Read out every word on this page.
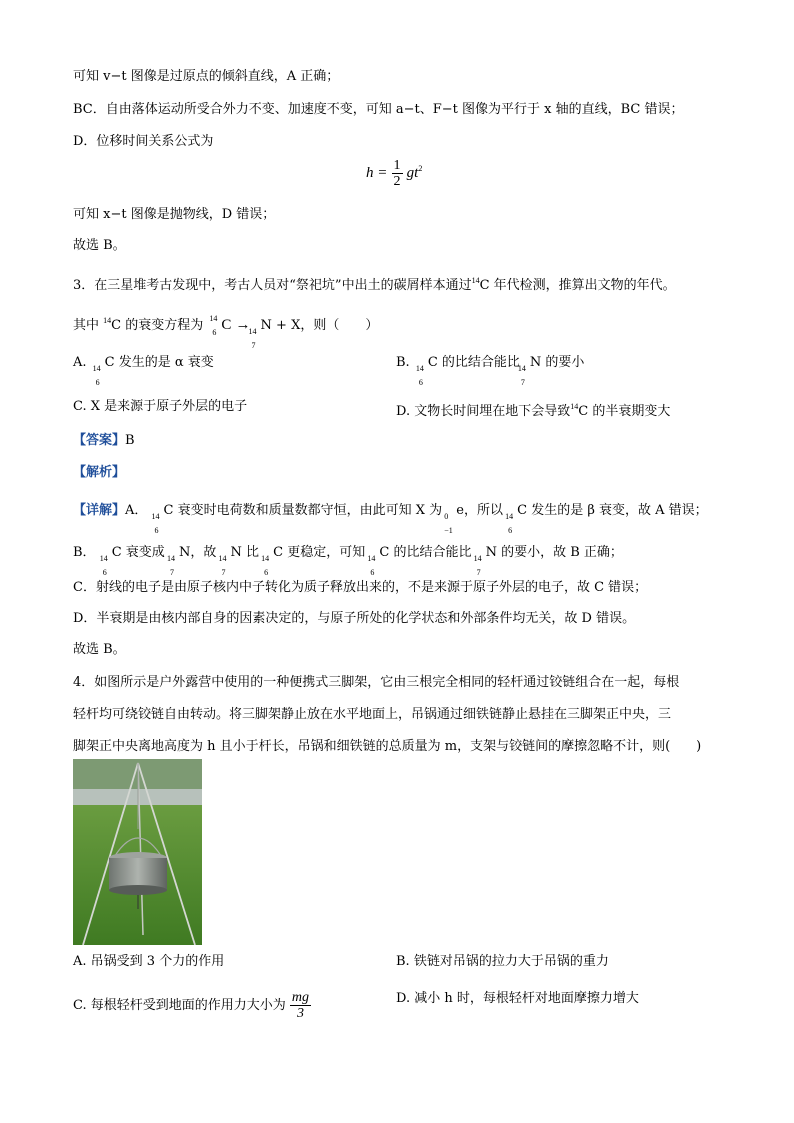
可知 v−t 图像是过原点的倾斜直线，A 正确；
BC．自由落体运动所受合外力不变、加速度不变，可知 a−t、F−t 图像为平行于 x 轴的直线，BC 错误；
D．位移时间关系公式为
$h = \frac{1}{2} gt^2$
可知 x−t 图像是抛物线，D 错误；
故选 B。
3．在三星堆考古发现中，考古人员对“祭祀坑”中出土的碳屑样本通过$^{14}$C 年代检测，推算出文物的年代。
其中 $^{14}$C 的衰变方程为 14
6 C →
14
7
N + X，则（　　）
A. 14
6
C 发生的是 α 衰变	B. 14
6
C 的比结合能比
14
7
N 的要小
C. X 是来源于原子外层的电子	D. 文物长时间埋在地下会导致$^{14}$C 的半衰期变大
【答案】B
【解析】
【详解】A． 14
6
C 衰变时电荷数和质量数都守恒，由此可知 X 为 0
−1
e，所以 14
6
C 发生的是 β 衰变，故 A 错误；
B． 14
6
C 衰变成 14
7
N，故 14
7
N 比 14
6
C 更稳定，可知 14
6
C 的比结合能比 14
7
N 的要小，故 B 正确；
C．射线的电子是由原子核内中子转化为质子释放出来的，不是来源于原子外层的电子，故 C 错误；
D．半衰期是由核内部自身的因素决定的，与原子所处的化学状态和外部条件均无关，故 D 错误。
故选 B。
4．如图所示是户外露营中使用的一种便携式三脚架，它由三根完全相同的轻杆通过铰链组合在一起，每根
轻杆均可绕铰链自由转动。将三脚架静止放在水平地面上，吊锅通过细铁链静止悬挂在三脚架正中央，三
脚架正中央离地高度为 h 且小于杆长，吊锅和细铁链的总质量为 m，支架与铰链间的摩擦忽略不计，则(　　)
A. 吊锅受到 3 个力的作用	B. 铁链对吊锅的拉力大于吊锅的重力
C. 每根轻杆受到地面的作用力大小为 $\frac{mg}{3}$	D. 减小 h 时，每根轻杆对地面摩擦力增大
